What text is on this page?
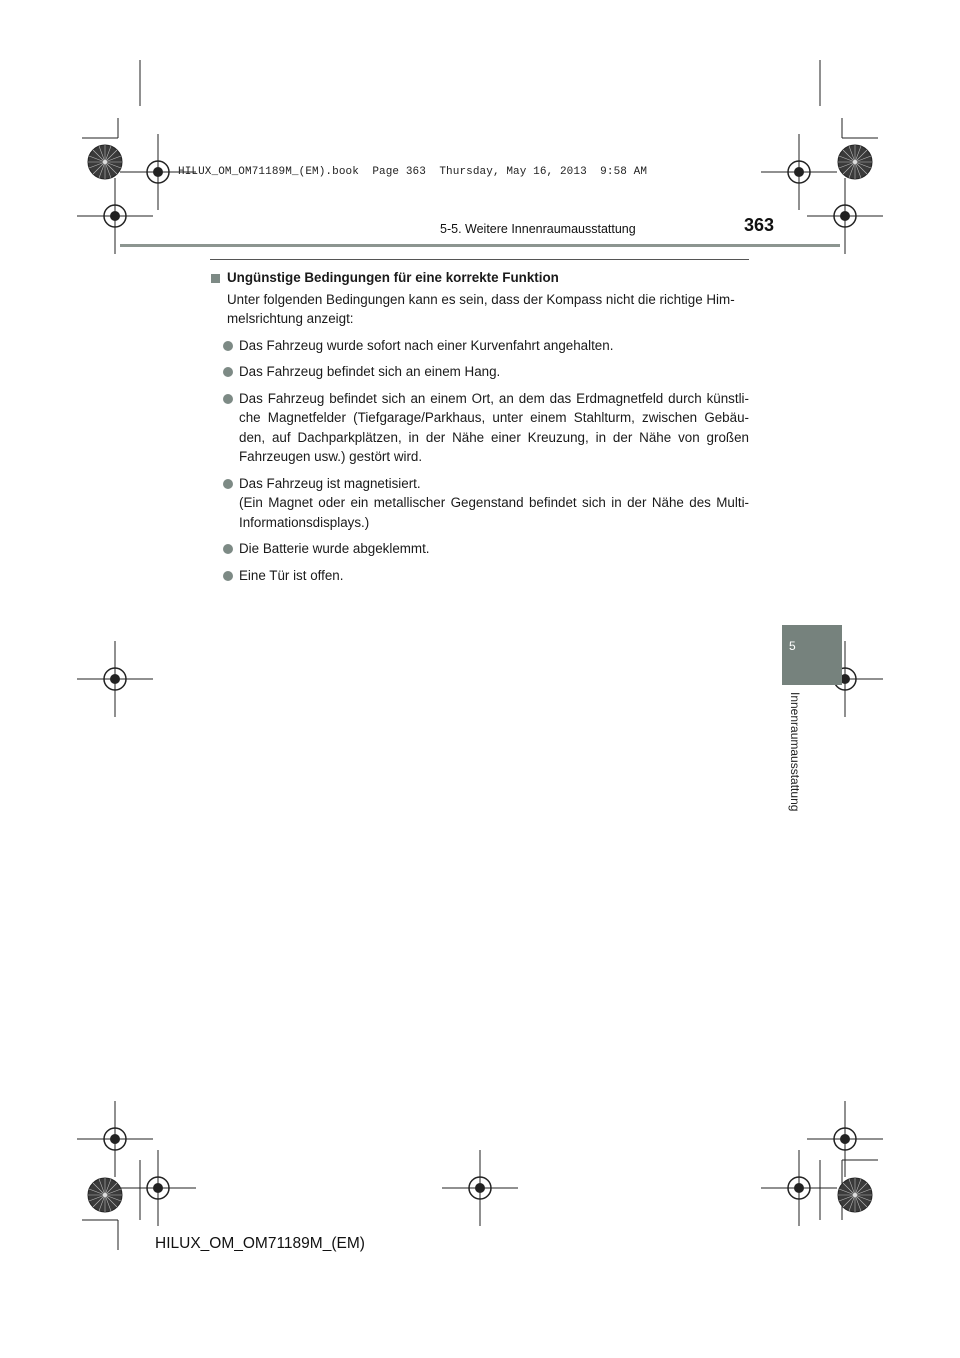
HILUX_OM_OM71189M_(EM).book  Page 363  Thursday, May 16, 2013  9:58 AM
5-5. Weitere Innenraumausstattung	363
Ungünstige Bedingungen für eine korrekte Funktion

Unter folgenden Bedingungen kann es sein, dass der Kompass nicht die richtige Him-melsrichtung anzeigt:

Das Fahrzeug wurde sofort nach einer Kurvenfahrt angehalten.
Das Fahrzeug befindet sich an einem Hang.
Das Fahrzeug befindet sich an einem Ort, an dem das Erdmagnetfeld durch künstli-che Magnetfelder (Tiefgarage/Parkhaus, unter einem Stahlturm, zwischen Gebäu-den, auf Dachparkplätzen, in der Nähe einer Kreuzung, in der Nähe von großen Fahrzeugen usw.) gestört wird.
Das Fahrzeug ist magnetisiert.
(Ein Magnet oder ein metallischer Gegenstand befindet sich in der Nähe des Multi-Informationsdisplays.)
Die Batterie wurde abgeklemmt.
Eine Tür ist offen.
5
Innenraumausstattung
HILUX_OM_OM71189M_(EM)
